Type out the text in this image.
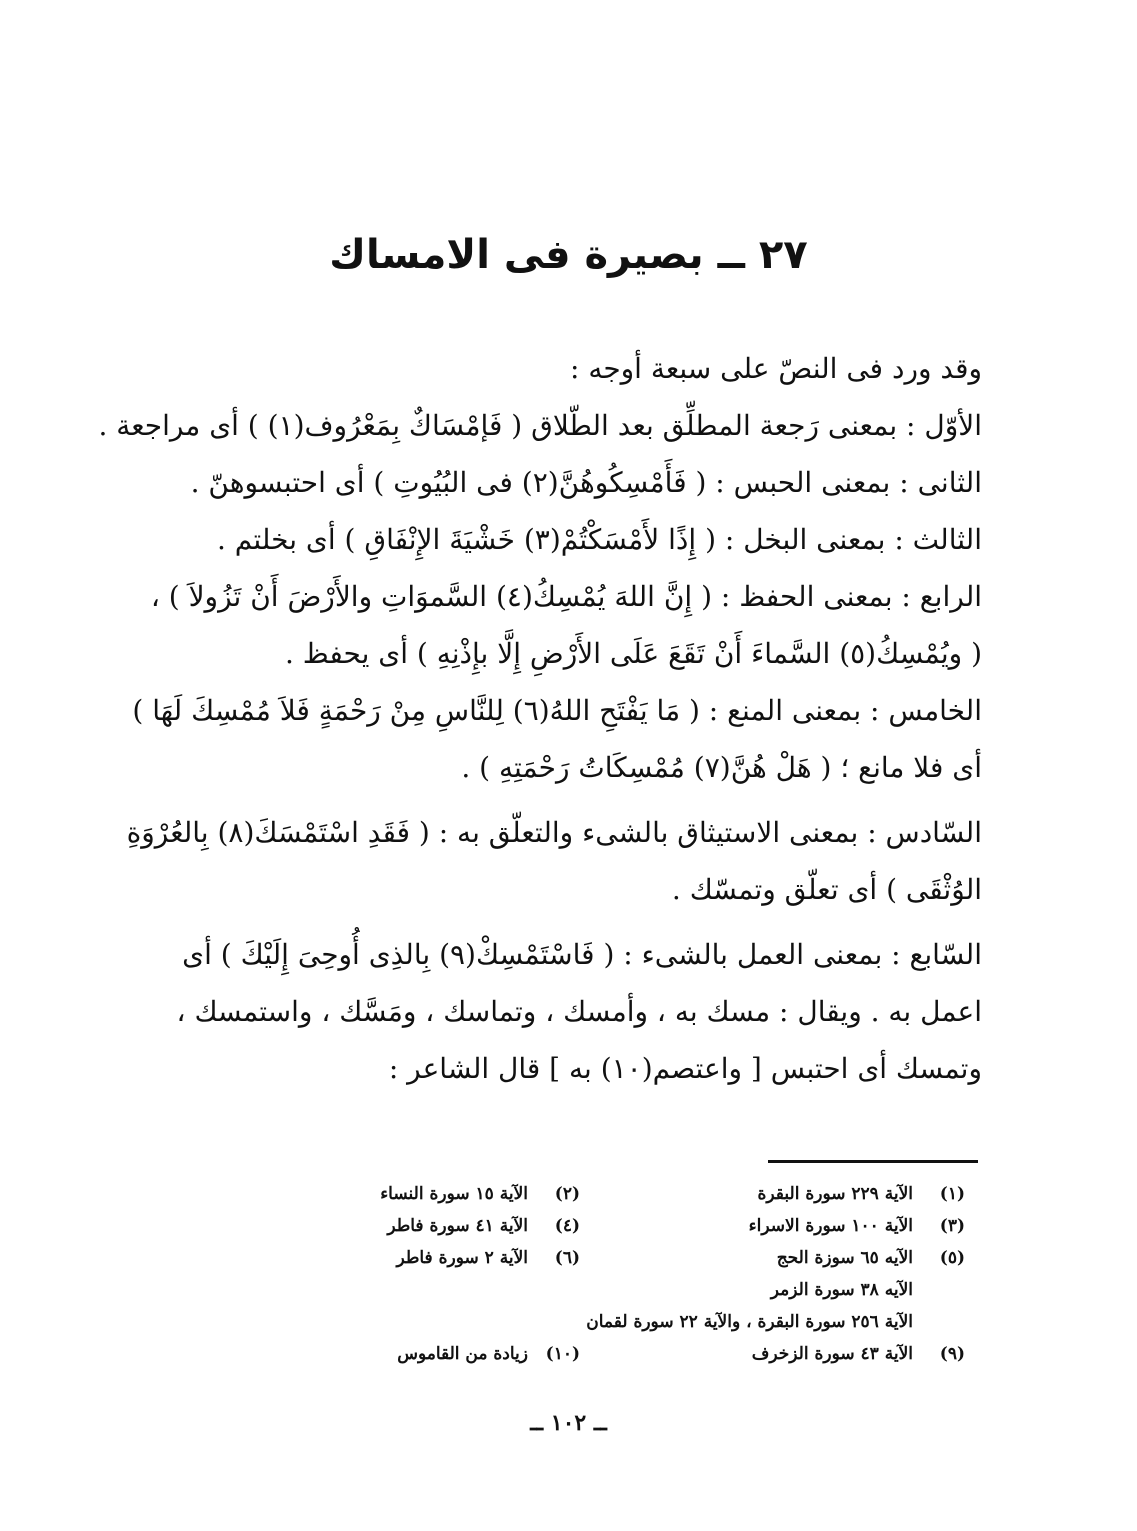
٢٧ ــ بصيرة فى الامساك

وقد ورد فى النصّ على سبعة أوجه :

الأوّل : بمعنى رَجعة المطلِّق بعد الطّلاق ( فَإمْسَاكٌ بِمَعْرُوف(١) ) أى مراجعة .

الثانى : بمعنى الحبس : ( فَأَمْسِكُوهُنَّ(٢) فى البُيُوتِ ) أى احتبسوهنّ .

الثالث : بمعنى البخل : ( إِذًا لأَمْسَكْتُمْ(٣) خَشْيَةَ الإِنْفَاقِ ) أى بخلتم .

الرابع : بمعنى الحفظ : ( إِنَّ اللهَ يُمْسِكُ(٤) السَّموَاتِ والأَرْضَ أَنْ تَزُولاَ ) ،
( ويُمْسِكُ(٥) السَّماءَ أَنْ تَقَعَ عَلَى الأَرْضِ إِلَّا بإِذْنِهِ ) أى يحفظ .

الخامس : بمعنى المنع : ( مَا يَفْتَحِ اللهُ(٦) لِلنَّاسِ مِنْ رَحْمَةٍ فَلاَ مُمْسِكَ لَهَا )
أى فلا مانع ؛ ( هَلْ هُنَّ(٧) مُمْسِكَاتُ رَحْمَتِهِ ) .

السّادس : بمعنى الاستيثاق بالشىء والتعلّق به : ( فَقَدِ اسْتَمْسَكَ(٨) بِالعُرْوَةِ
الوُثْقَى ) أى تعلّق وتمسّك .

السّابع : بمعنى العمل بالشىء : ( فَاسْتَمْسِكْ(٩) بِالذِى أُوحِىَ إِلَيْكَ ) أى
اعمل به . ويقال : مسك به ، وأمسك ، وتماسك ، ومَسَّك ، واستمسك ،
وتمسك أى احتبس [ واعتصم(١٠) به ] قال الشاعر :

(١)
الآية ٢٢٩ سورة البقرة
(٢)
الآية ١٥ سورة النساء
(٣)
الآية ١٠٠ سورة الاسراء
(٤)
الآية ٤١ سورة فاطر
(٥)
الآيه ٦٥ سوزة الحج
(٦)
الآية ٢ سورة فاطر
الآيه ٣٨ سورة الزمر
الآية ٢٥٦ سورة البقرة ، والآية ٢٢ سورة لقمان
(٩)
الآية ٤٣ سورة الزخرف
(١٠)
زيادة من القاموس
ــ ١٠٢ ــ
